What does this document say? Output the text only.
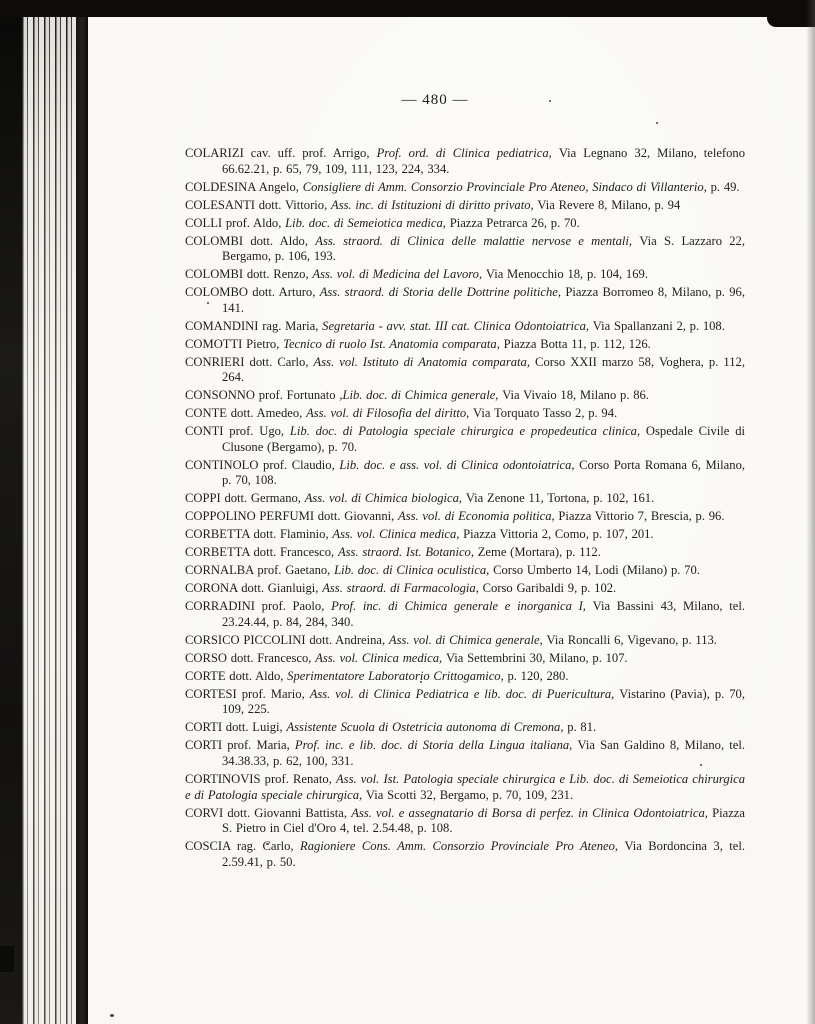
— 480 —

COLARIZI cav. uff. prof. Arrigo, Prof. ord. di Clinica pediatrica, Via Legnano 32, Milano, telefono 66.62.21, p. 65, 79, 109, 111, 123, 224, 334.

COLDESINA Angelo, Consigliere di Amm. Consorzio Provinciale Pro Ateneo, Sindaco di Villanterio, p. 49.

COLESANTI dott. Vittorio, Ass. inc. di Istituzioni di diritto privato, Via Revere 8, Milano, p. 94

COLLI prof. Aldo, Lib. doc. di Semeiotica medica, Piazza Petrarca 26, p. 70.

COLOMBI dott. Aldo, Ass. straord. di Clinica delle malattie nervose e mentali, Via S. Lazzaro 22, Bergamo, p. 106, 193.

COLOMBI dott. Renzo, Ass. vol. di Medicina del Lavoro, Via Menocchio 18, p. 104, 169.

COLOMBO dott. Arturo, Ass. straord. di Storia delle Dottrine politiche, Piazza Borromeo 8, Milano, p. 96, 141.

COMANDINI rag. Maria, Segretaria - avv. stat. III cat. Clinica Odontoiatrica, Via Spallanzani 2, p. 108.

COMOTTI Pietro, Tecnico di ruolo Ist. Anatomia comparata, Piazza Botta 11, p. 112, 126.

CONRIERI dott. Carlo, Ass. vol. Istituto di Anatomia comparata, Corso XXII marzo 58, Voghera, p. 112, 264.

CONSONNO prof. Fortunato ,Lib. doc. di Chimica generale, Via Vivaio 18, Milano p. 86.

CONTE dott. Amedeo, Ass. vol. di Filosofia del diritto, Via Torquato Tasso 2, p. 94.

CONTI prof. Ugo, Lib. doc. di Patologia speciale chirurgica e propedeutica clinica, Ospedale Civile di Clusone (Bergamo), p. 70.

CONTINOLO prof. Claudio, Lib. doc. e ass. vol. di Clinica odontoiatrica, Corso Porta Romana 6, Milano, p. 70, 108.

COPPI dott. Germano, Ass. vol. di Chimica biologica, Via Zenone 11, Tortona, p. 102, 161.

COPPOLINO PERFUMI dott. Giovanni, Ass. vol. di Economia politica, Piazza Vittorio 7, Brescia, p. 96.

CORBETTA dott. Flaminio, Ass. vol. Clinica medica, Piazza Vittoria 2, Como, p. 107, 201.

CORBETTA dott. Francesco, Ass. straord. Ist. Botanico, Zeme (Mortara), p. 112.

CORNALBA prof. Gaetano, Lib. doc. di Clinica oculistica, Corso Umberto 14, Lodi (Milano) p. 70.

CORONA dott. Gianluigi, Ass. straord. di Farmacologia, Corso Garibaldi 9, p. 102.

CORRADINI prof. Paolo, Prof. inc. di Chimica generale e inorganica I, Via Bassini 43, Milano, tel. 23.24.44, p. 84, 284, 340.

CORSICO PICCOLINI dott. Andreina, Ass. vol. di Chimica generale, Via Roncalli 6, Vigevano, p. 113.

CORSO dott. Francesco, Ass. vol. Clinica medica, Via Settembrini 30, Milano, p. 107.

CORTE dott. Aldo, Sperimentatore Laboratorio Crittogamico, p. 120, 280.

CORTESI prof. Mario, Ass. vol. di Clinica Pediatrica e lib. doc. di Puericultura, Vistarino (Pavia), p. 70, 109, 225.

CORTI dott. Luigi, Assistente Scuola di Ostetricia autonoma di Cremona, p. 81.

CORTI prof. Maria, Prof. inc. e lib. doc. di Storia della Lingua italiana, Via San Galdino 8, Milano, tel. 34.38.33, p. 62, 100, 331.

CORTINOVIS prof. Renato, Ass. vol. Ist. Patologia speciale chirurgica e Lib. doc. di Semeiotica chirurgica e di Patologia speciale chirurgica, Via Scotti 32, Bergamo, p. 70, 109, 231.

CORVI dott. Giovanni Battista, Ass. vol. e assegnatario di Borsa di perfez. in Clinica Odontoiatrica, Piazza S. Pietro in Ciel d'Oro 4, tel. 2.54.48, p. 108.

COSCIA rag. Carlo, Ragioniere Cons. Amm. Consorzio Provinciale Pro Ateneo, Via Bordoncina 3, tel. 2.59.41, p. 50.
